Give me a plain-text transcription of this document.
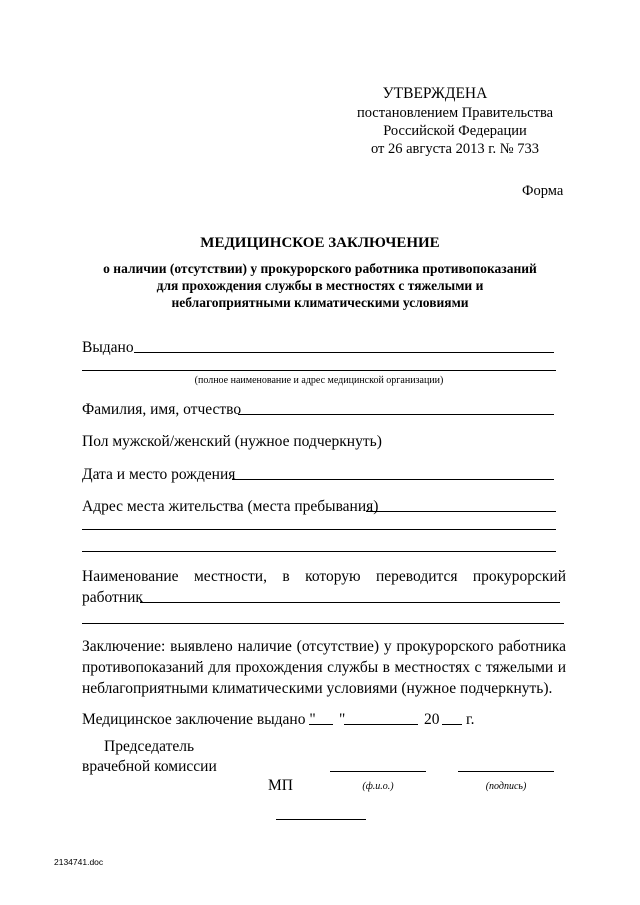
УТВЕРЖДЕНА
постановлением Правительства
Российской Федерации
от 26 августа 2013 г. № 733
Форма
МЕДИЦИНСКОЕ ЗАКЛЮЧЕНИЕ
о наличии (отсутствии) у прокурорского работника противопоказаний
для прохождения службы в местностях с тяжелыми и
неблагоприятными климатическими условиями
Выдано
(полное наименование и адрес медицинской организации)
Фамилия, имя, отчество
Пол мужской/женский (нужное подчеркнуть)
Дата и место рождения
Адрес места жительства (места пребывания)
Наименование местности, в которую переводится прокурорский
работник
Заключение: выявлено наличие (отсутствие) у прокурорского работника
противопоказаний для прохождения службы в местностях с тяжелыми и
неблагоприятными климатическими условиями (нужное подчеркнуть).
Медицинское заключение выдано " "	20 г.
Председатель
врачебной комиссии
МП	(ф.и.о.)	(подпись)
2134741.doc
